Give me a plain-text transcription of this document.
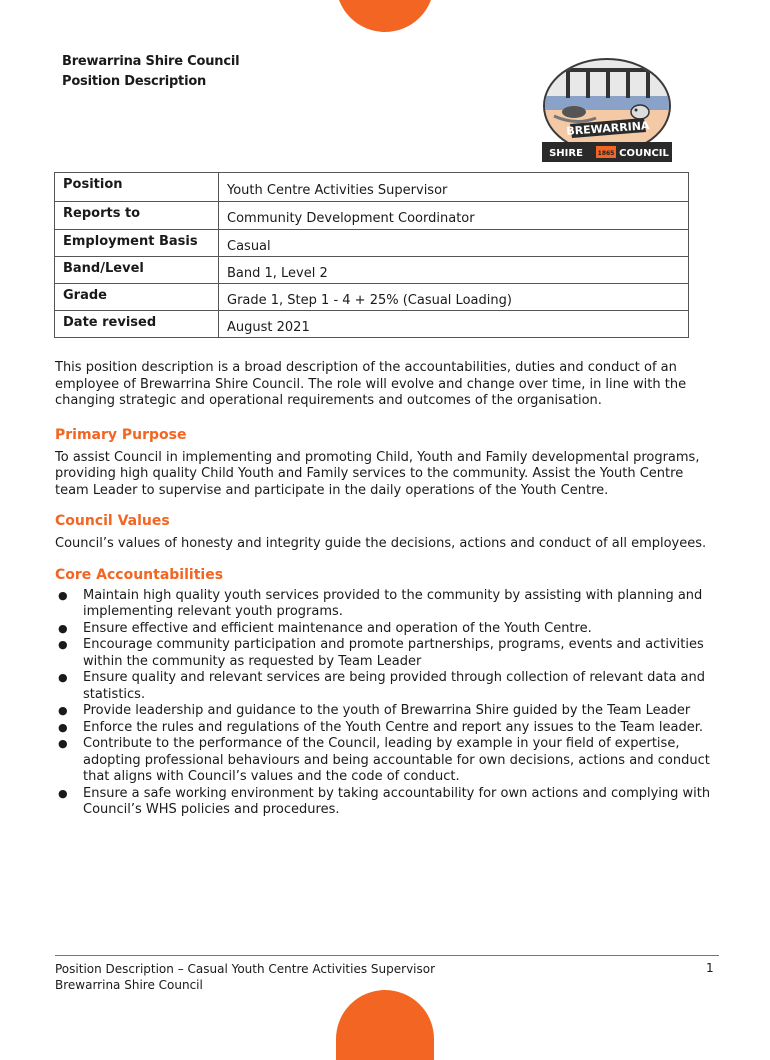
Brewarrina Shire Council
Position Description
BREWARRINA
SHIRE 1865 COUNCIL
Position	Youth Centre Activities Supervisor
Reports to	Community Development Coordinator
Employment Basis	Casual
Band/Level	Band 1, Level 2
Grade	Grade 1, Step 1 - 4 + 25% (Casual Loading)
Date revised	August 2021

This position description is a broad description of the accountabilities, duties and conduct of an employee of Brewarrina Shire Council. The role will evolve and change over time, in line with the changing strategic and operational requirements and outcomes of the organisation.

Primary Purpose

To assist Council in implementing and promoting Child, Youth and Family developmental programs, providing high quality Child Youth and Family services to the community. Assist the Youth Centre team Leader to supervise and participate in the daily operations of the Youth Centre.

Council Values

Council’s values of honesty and integrity guide the decisions, actions and conduct of all employees.

Core Accountabilities
● Maintain high quality youth services provided to the community by assisting with planning and implementing relevant youth programs.
● Ensure effective and efficient maintenance and operation of the Youth Centre.
● Encourage community participation and promote partnerships, programs, events and activities within the community as requested by Team Leader
● Ensure quality and relevant services are being provided through collection of relevant data and statistics.
● Provide leadership and guidance to the youth of Brewarrina Shire guided by the Team Leader
● Enforce the rules and regulations of the Youth Centre and report any issues to the Team leader.
● Contribute to the performance of the Council, leading by example in your field of expertise, adopting professional behaviours and being accountable for own decisions, actions and conduct that aligns with Council’s values and the code of conduct.
● Ensure a safe working environment by taking accountability for own actions and complying with Council’s WHS policies and procedures.
Position Description – Casual Youth Centre Activities Supervisor
Brewarrina Shire Council
1
